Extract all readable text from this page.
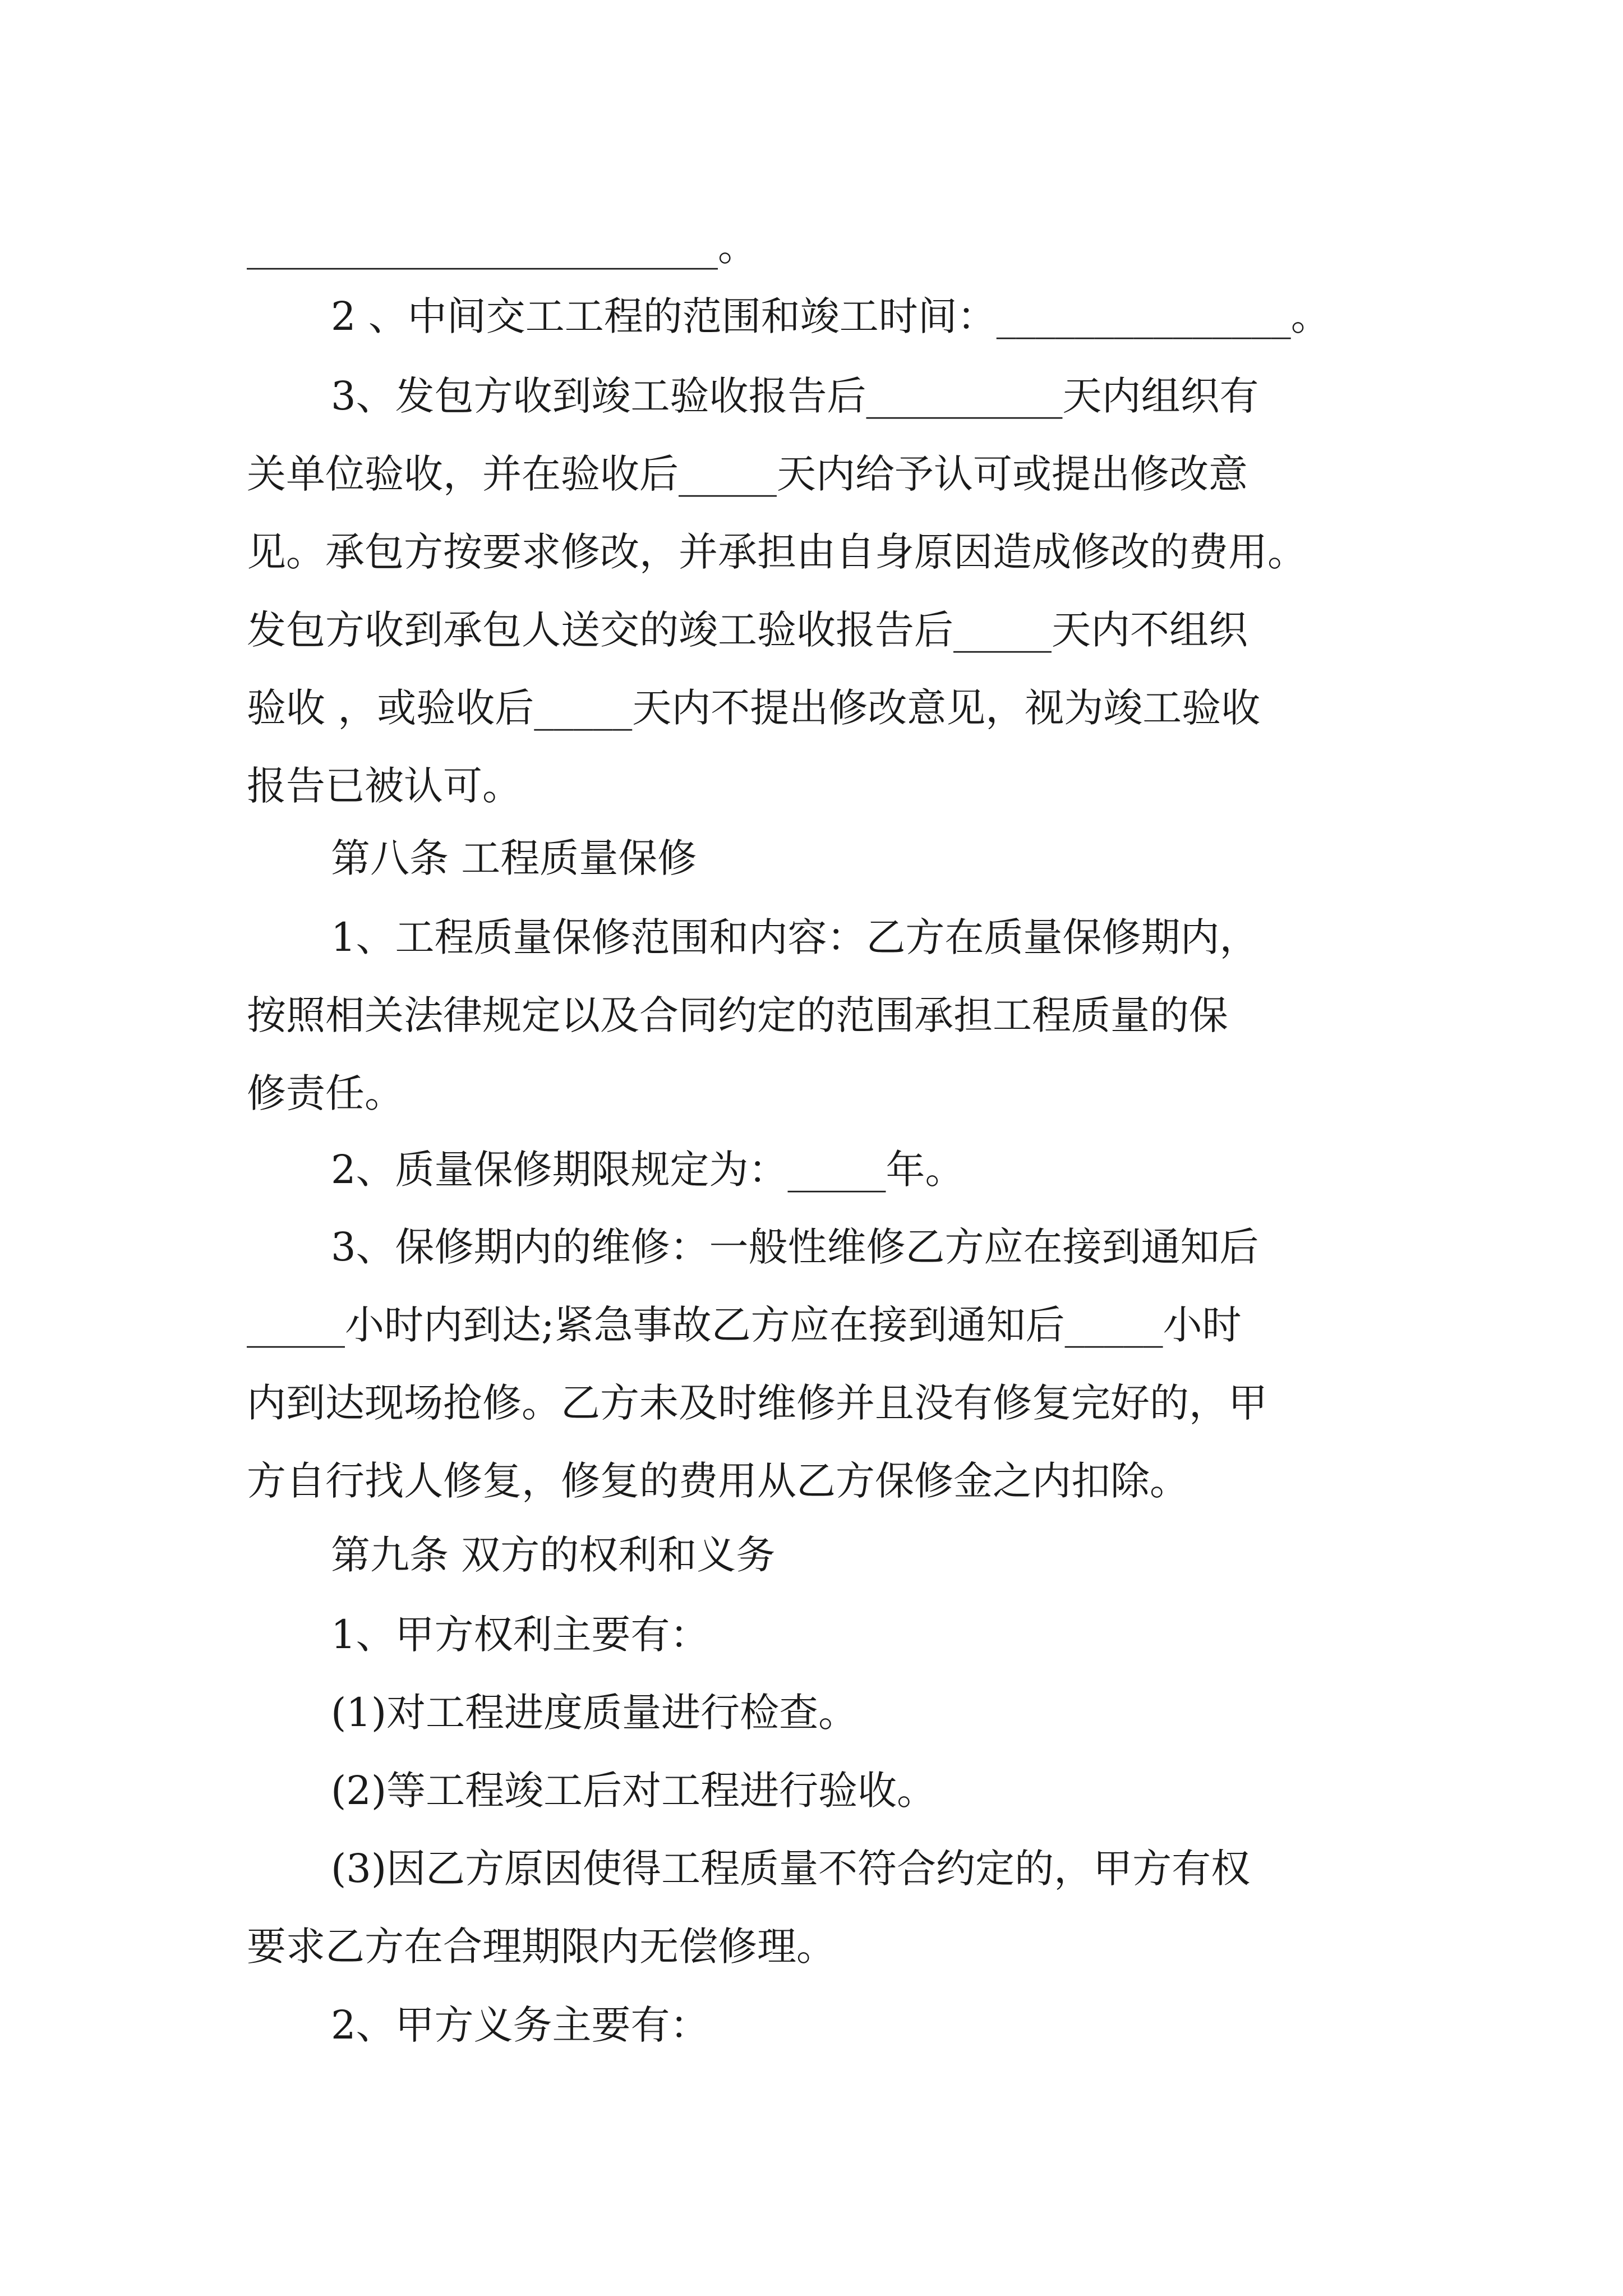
________________________。

2 、中间交工工程的范围和竣工时间：_______________。

3、发包方收到竣工验收报告后__________天内组织有

关单位验收，并在验收后_____天内给予认可或提出修改意

见。承包方按要求修改，并承担由自身原因造成修改的费用。

发包方收到承包人送交的竣工验收报告后_____天内不组织

验收 ，或验收后_____天内不提出修改意见，视为竣工验收

报告已被认可。

第八条 工程质量保修

1、工程质量保修范围和内容：乙方在质量保修期内，

按照相关法律规定以及合同约定的范围承担工程质量的保

修责任。

2、质量保修期限规定为：_____年。

3、保修期内的维修：一般性维修乙方应在接到通知后

_____小时内到达;紧急事故乙方应在接到通知后_____小时

内到达现场抢修。乙方未及时维修并且没有修复完好的，甲

方自行找人修复，修复的费用从乙方保修金之内扣除。

第九条 双方的权利和义务

1、甲方权利主要有：

(1)对工程进度质量进行检查。

(2)等工程竣工后对工程进行验收。

(3)因乙方原因使得工程质量不符合约定的，甲方有权

要求乙方在合理期限内无偿修理。

2、甲方义务主要有：
